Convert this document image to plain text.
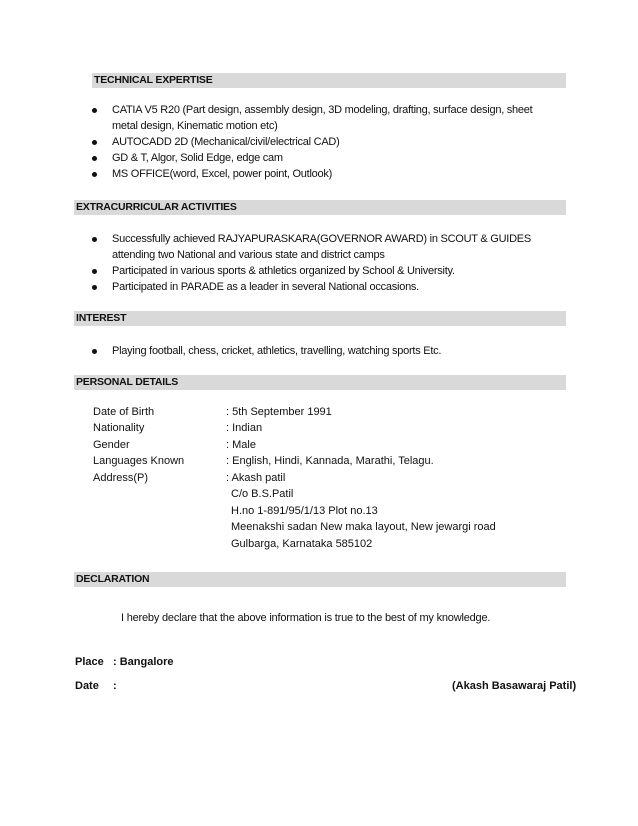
TECHNICAL EXPERTISE
CATIA V5 R20 (Part design, assembly design, 3D modeling, drafting, surface design, sheet metal design, Kinematic motion etc)
AUTOCADD 2D (Mechanical/civil/electrical CAD)
GD & T, Algor, Solid Edge, edge cam
MS OFFICE(word, Excel, power point, Outlook)
EXTRACURRICULAR ACTIVITIES
Successfully achieved RAJYAPURASKARA(GOVERNOR AWARD) in SCOUT & GUIDES attending two National and various state and district camps
Participated in various sports & athletics organized by School & University.
Participated in PARADE as a leader in several National occasions.
INTEREST
Playing football, chess, cricket, athletics, travelling, watching sports Etc.
PERSONAL DETAILS
Date of Birth	: 5th September 1991
Nationality	: Indian
Gender	: Male
Languages Known	: English, Hindi, Kannada, Marathi, Telagu.
Address(P)	: Akash patil
C/o B.S.Patil
H.no 1-891/95/1/13 Plot no.13
Meenakshi sadan New maka layout, New jewargi road
Gulbarga, Karnataka 585102
DECLARATION
I hereby declare that the above information is true to the best of my knowledge.
Place : Bangalore
Date :	(Akash Basawaraj Patil)
